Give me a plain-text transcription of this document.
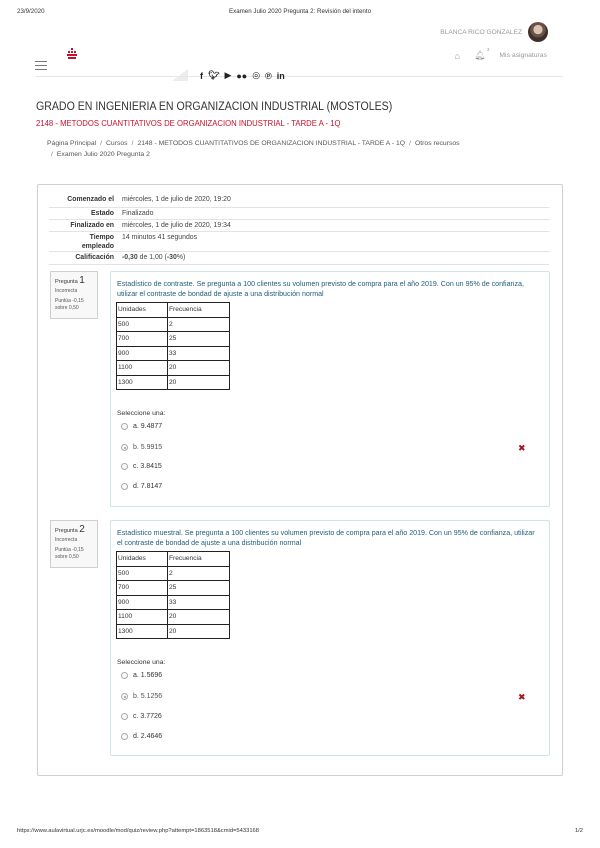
23/9/2020	Examen Julio 2020 Pregunta 2: Revisión del intento
BLANCA RICO GONZALEZ
⌂ 🔔︎
3
Mis asignaturas
f 🐦︎ ▶ ●● ◎ ℗ in
GRADO EN INGENIERIA EN ORGANIZACION INDUSTRIAL (MOSTOLES)
2148 - METODOS CUANTITATIVOS DE ORGANIZACION INDUSTRIAL - TARDE A - 1Q
Página Principal / Cursos / 2148 - METODOS CUANTITATIVOS DE ORGANIZACION INDUSTRIAL - TARDE A - 1Q / Otros recursos
/ Examen Julio 2020 Pregunta 2
Comenzado el	miércoles, 1 de julio de 2020, 19:20
Estado	Finalizado
Finalizado en	miércoles, 1 de julio de 2020, 19:34
Tiempo
empleado
14 minutos 41 segundos
Calificación	-0,30 de 1,00 (-30%)
Pregunta 1
Incorrecta
Puntúa -0,15
sobre 0,50
Estadístico de contraste. Se pregunta a 100 clientes su volumen previsto de compra para el año 2019. Con un 95% de confianza, utilizar el contraste de bondad de ajuste a una distribución normal
Unidades	Frecuencia
500	2
700	25
900	33
1100	20
1300	20
Seleccione una:
a. 9.4877
b. 5.9915	✖
c. 3.8415
d. 7.8147
Pregunta 2
Incorrecta
Puntúa -0,15
sobre 0,50
Estadístico muestral. Se pregunta a 100 clientes su volumen previsto de compra para el año 2019. Con un 95% de confianza, utilizar el contraste de bondad de ajuste a una distribución normal
Unidades	Frecuencia
500	2
700	25
900	33
1100	20
1300	20
Seleccione una:
a. 1.5696
b. 5.1256	✖
c. 3.7726
d. 2.4646
https://www.aulavirtual.urjc.es/moodle/mod/quiz/review.php?attempt=1863518&cmid=5433168	1/2
